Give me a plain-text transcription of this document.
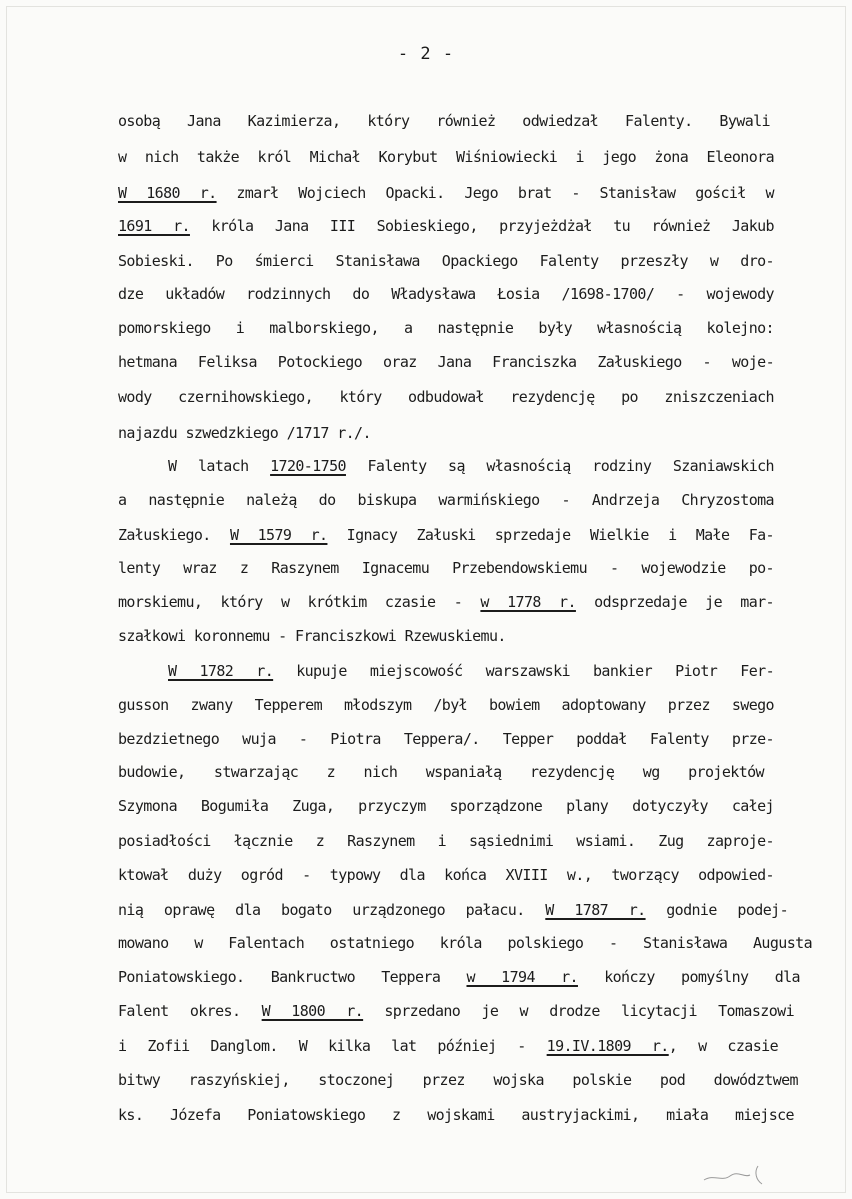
- 2 -
osobą Jana Kazimierza, który również odwiedzał Falenty. Bywali
w nich także król Michał Korybut Wiśniowiecki i jego żona Eleonora
W 1680 r. zmarł Wojciech Opacki. Jego brat - Stanisław gościł w
1691 r. króla Jana III Sobieskiego, przyjeżdżał tu również Jakub
Sobieski. Po śmierci Stanisława Opackiego Falenty przeszły w dro-
dze układów rodzinnych do Władysława Łosia /1698-1700/ - wojewody
pomorskiego i malborskiego, a następnie były własnością kolejno:
hetmana Feliksa Potockiego oraz Jana Franciszka Załuskiego - woje-
wody czernihowskiego, który odbudował rezydencję po zniszczeniach
najazdu szwedzkiego /1717 r./.
W latach 1720-1750 Falenty są własnością rodziny Szaniawskich
a następnie należą do biskupa warmińskiego - Andrzeja Chryzostoma
Załuskiego. W 1579 r. Ignacy Załuski sprzedaje Wielkie i Małe Fa-
lenty wraz z Raszynem Ignacemu Przebendowskiemu - wojewodzie po-
morskiemu, który w krótkim czasie - w 1778 r. odsprzedaje je mar-
szałkowi koronnemu - Franciszkowi Rzewuskiemu.
W 1782 r. kupuje miejscowość warszawski bankier Piotr Fer-
gusson zwany Tepperem młodszym /był bowiem adoptowany przez swego
bezdzietnego wuja - Piotra Teppera/. Tepper poddał Falenty prze-
budowie, stwarzając z nich wspaniałą rezydencję wg projektów
Szymona Bogumiła Zuga, przyczym sporządzone plany dotyczyły całej
posiadłości łącznie z Raszynem i sąsiednimi wsiami. Zug zaproje-
ktował duży ogród - typowy dla końca XVIII w., tworzący odpowied-
nią oprawę dla bogato urządzonego pałacu. W 1787 r. godnie podej-
mowano w Falentach ostatniego króla polskiego - Stanisława Augusta
Poniatowskiego. Bankructwo Teppera w 1794 r. kończy pomyślny dla
Falent okres. W 1800 r. sprzedano je w drodze licytacji Tomaszowi
i Zofii Danglom. W kilka lat później - 19.IV.1809 r., w czasie
bitwy raszyńskiej, stoczonej przez wojska polskie pod dowództwem
ks. Józefa Poniatowskiego z wojskami austryjackimi, miała miejsce
